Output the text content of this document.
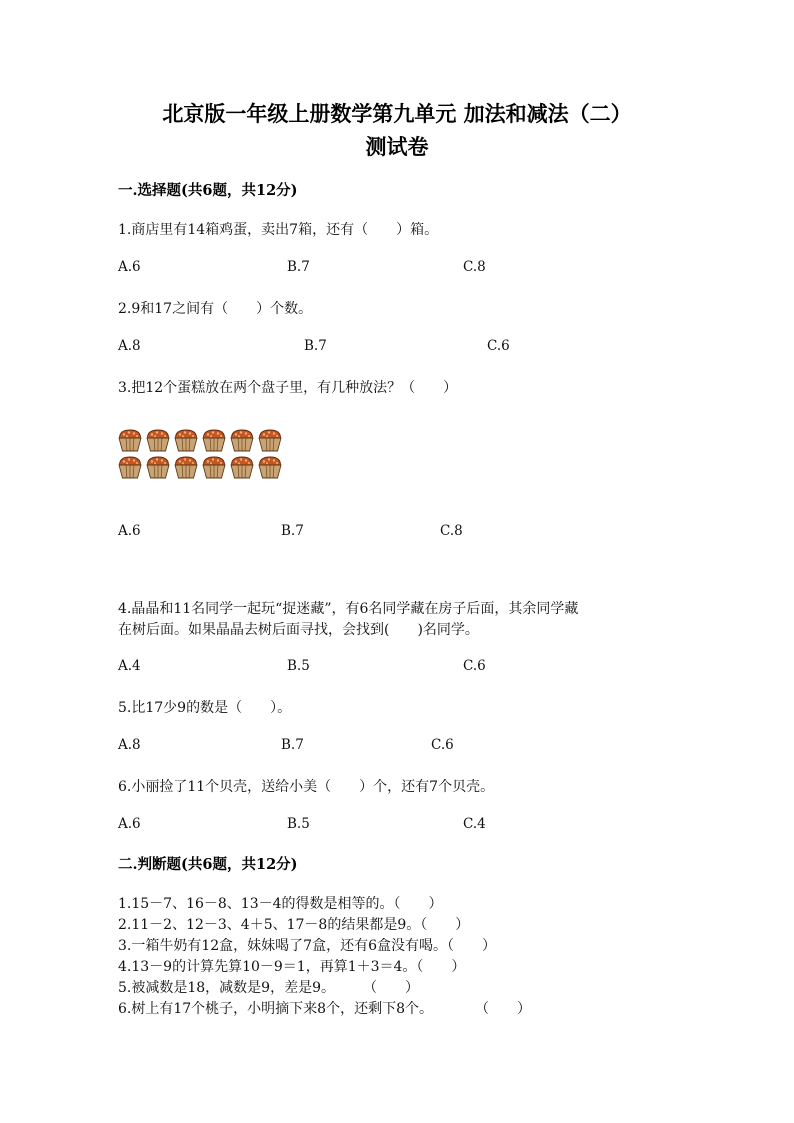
北京版一年级上册数学第九单元 加法和减法（二）
测试卷
一.选择题(共6题，共12分)
1.商店里有14箱鸡蛋，卖出7箱，还有（　　）箱。
A.6	B.7	C.8
2.9和17之间有（　　）个数。
A.8	B.7	C.6
3.把12个蛋糕放在两个盘子里，有几种放法？（　　）
A.6	B.7	C.8
4.晶晶和11名同学一起玩“捉迷藏”，有6名同学藏在房子后面，其余同学藏
在树后面。如果晶晶去树后面寻找，会找到(　　)名同学。
A.4	B.5	C.6
5.比17少9的数是（　　）。
A.8	B.7	C.6
6.小丽捡了11个贝壳，送给小美（　　）个，还有7个贝壳。
A.6	B.5	C.4
二.判断题(共6题，共12分)
1.15－7、16－8、13－4的得数是相等的。（　　）
2.11－2、12－3、4＋5、17－8的结果都是9。（　　）
3.一箱牛奶有12盒，妹妹喝了7盒，还有6盒没有喝。（　　）
4.13－9的计算先算10－9＝1，再算1＋3＝4。（　　）
5.被减数是18，减数是9，差是9。　　　（　　）
6.树上有17个桃子，小明摘下来8个，还剩下8个。　　　　（　　）
